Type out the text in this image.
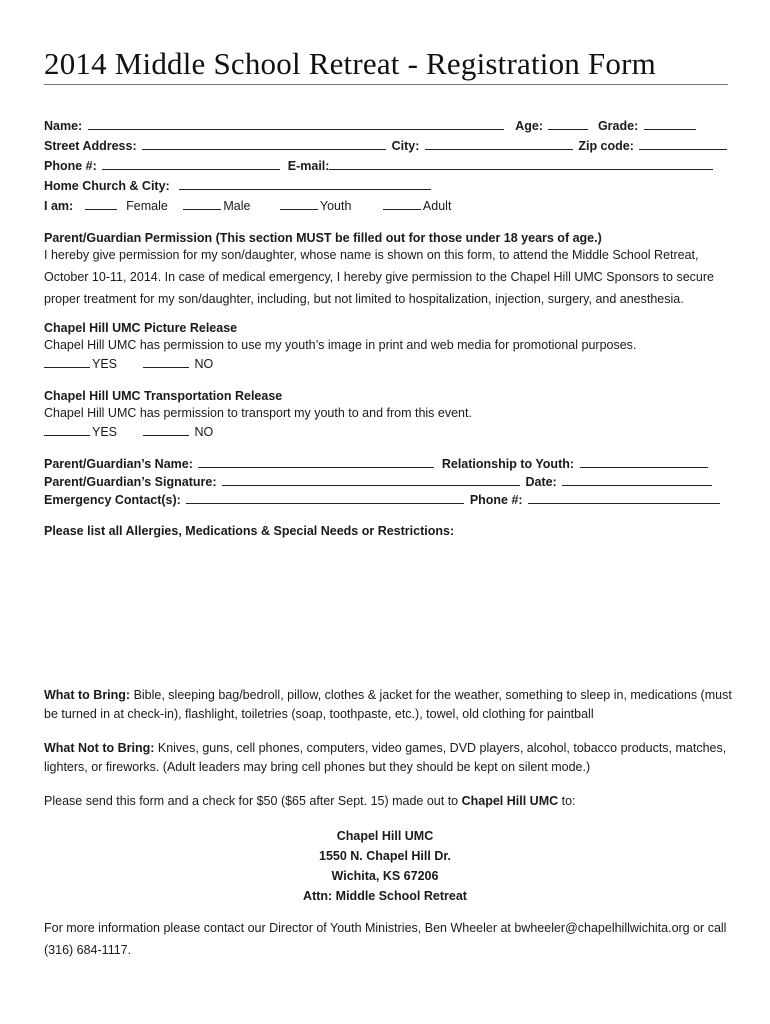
2014 Middle School Retreat - Registration Form
Name:	Age:	Grade:
Street Address:	City:	Zip code:
Phone #:	E-mail:
Home Church & City:
I am:	Female	Male	Youth	Adult
Parent/Guardian Permission (This section MUST be filled out for those under 18 years of age.)
I hereby give permission for my son/daughter, whose name is shown on this form, to attend the Middle School Retreat, October 10-11, 2014. In case of medical emergency, I hereby give permission to the Chapel Hill UMC Sponsors to secure proper treatment for my son/daughter, including, but not limited to hospitalization, injection, surgery, and anesthesia.
Chapel Hill UMC Picture Release
Chapel Hill UMC has permission to use my youth’s image in print and web media for promotional purposes.
YES	NO
Chapel Hill UMC Transportation Release
Chapel Hill UMC has permission to transport my youth to and from this event.
YES	NO
Parent/Guardian’s Name:	Relationship to Youth:
Parent/Guardian’s Signature:	Date:
Emergency Contact(s):	Phone #:
Please list all Allergies, Medications & Special Needs or Restrictions:
What to Bring: Bible, sleeping bag/bedroll, pillow, clothes & jacket for the weather, something to sleep in, medications (must be turned in at check-in), flashlight, toiletries (soap, toothpaste, etc.), towel, old clothing for paintball
What Not to Bring: Knives, guns, cell phones, computers, video games, DVD players, alcohol, tobacco products, matches, lighters, or fireworks. (Adult leaders may bring cell phones but they should be kept on silent mode.)
Please send this form and a check for $50 ($65 after Sept. 15) made out to Chapel Hill UMC to:
Chapel Hill UMC
1550 N. Chapel Hill Dr.
Wichita, KS 67206
Attn: Middle School Retreat
For more information please contact our Director of Youth Ministries, Ben Wheeler at bwheeler@chapelhillwichita.org or call (316) 684-1117.
